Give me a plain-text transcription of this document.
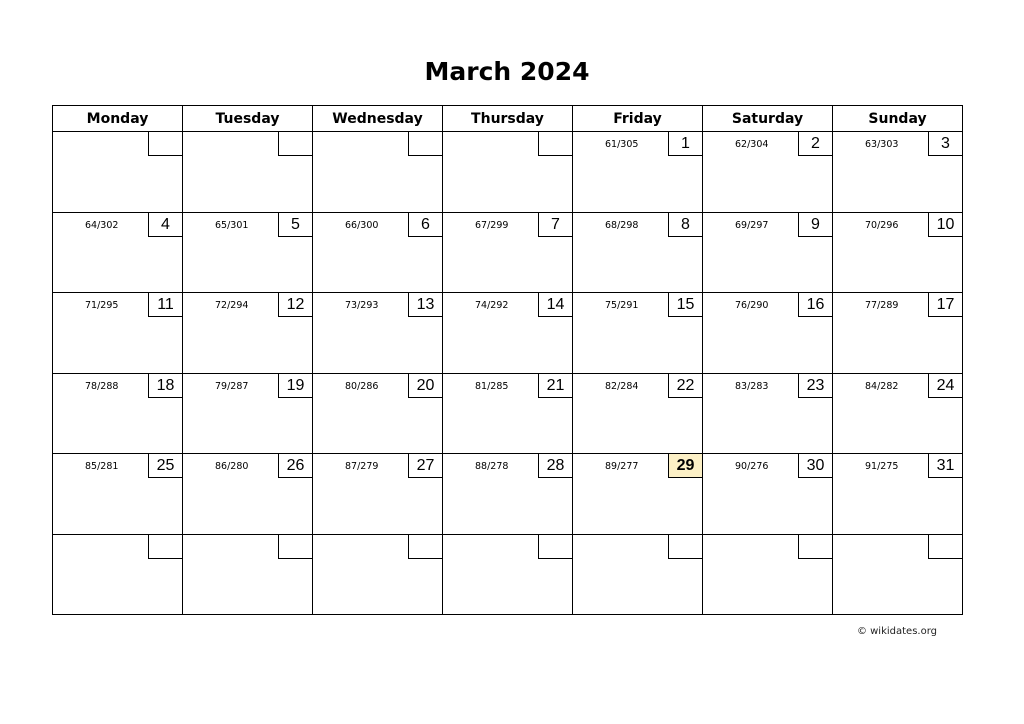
March 2024
Monday	Tuesday	Wednesday	Thursday	Friday	Saturday	Sunday

				61/305 1	62/304 2	63/303 3

64/302 4	65/301 5	66/300 6	67/299 7	68/298 8	69/297 9	70/296 10

71/295 11	72/294 12	73/293 13	74/292 14	75/291 15	76/290 16	77/289 17

78/288 18	79/287 19	80/286 20	81/285 21	82/284 22	83/283 23	84/282 24

85/281 25	86/280 26	87/279 27	88/278 28	89/277 29	90/276 30	91/275 31

© wikidates.org
